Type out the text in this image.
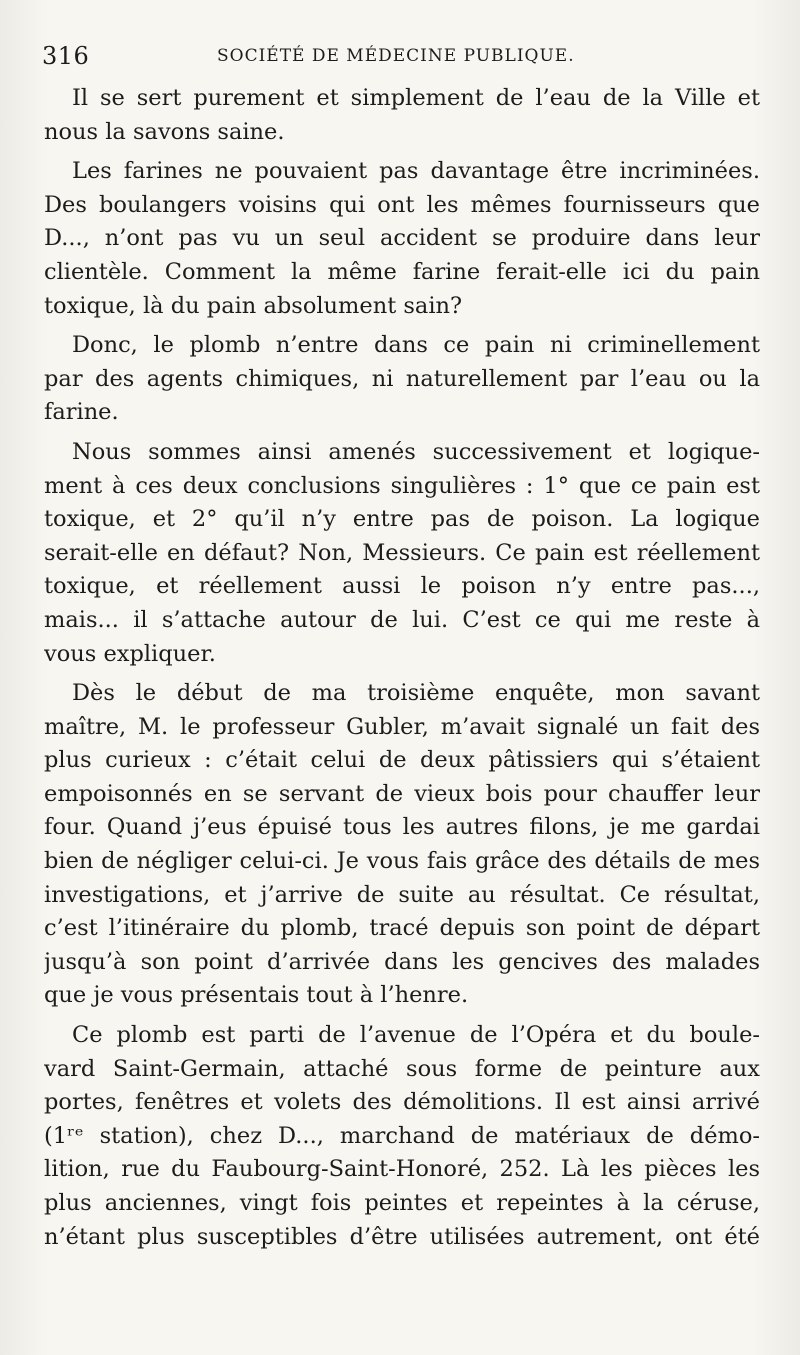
316	SOCIÉTÉ DE MÉDECINE PUBLIQUE.
Il se sert purement et simplement de l’eau de la Ville et
nous la savons saine.
Les farines ne pouvaient pas davantage être incriminées.
Des boulangers voisins qui ont les mêmes fournisseurs que
D..., n’ont pas vu un seul accident se produire dans leur
clientèle. Comment la même farine ferait-elle ici du pain
toxique, là du pain absolument sain?
Donc, le plomb n’entre dans ce pain ni criminellement
par des agents chimiques, ni naturellement par l’eau ou la
farine.
Nous sommes ainsi amenés successivement et logique-
ment à ces deux conclusions singulières : 1° que ce pain est
toxique, et 2° qu’il n’y entre pas de poison. La logique
serait-elle en défaut? Non, Messieurs. Ce pain est réellement
toxique, et réellement aussi le poison n’y entre pas...,
mais... il s’attache autour de lui. C’est ce qui me reste à
vous expliquer.
Dès le début de ma troisième enquête, mon savant
maître, M. le professeur Gubler, m’avait signalé un fait des
plus curieux : c’était celui de deux pâtissiers qui s’étaient
empoisonnés en se servant de vieux bois pour chauffer leur
four. Quand j’eus épuisé tous les autres filons, je me gardai
bien de négliger celui-ci. Je vous fais grâce des détails de mes
investigations, et j’arrive de suite au résultat. Ce résultat,
c’est l’itinéraire du plomb, tracé depuis son point de départ
jusqu’à son point d’arrivée dans les gencives des malades
que je vous présentais tout à l’henre.
Ce plomb est parti de l’avenue de l’Opéra et du boule-
vard Saint-Germain, attaché sous forme de peinture aux
portes, fenêtres et volets des démolitions. Il est ainsi arrivé
(1ʳᵉ station), chez D..., marchand de matériaux de démo-
lition, rue du Faubourg-Saint-Honoré, 252. Là les pièces les
plus anciennes, vingt fois peintes et repeintes à la céruse,
n’étant plus susceptibles d’être utilisées autrement, ont été
